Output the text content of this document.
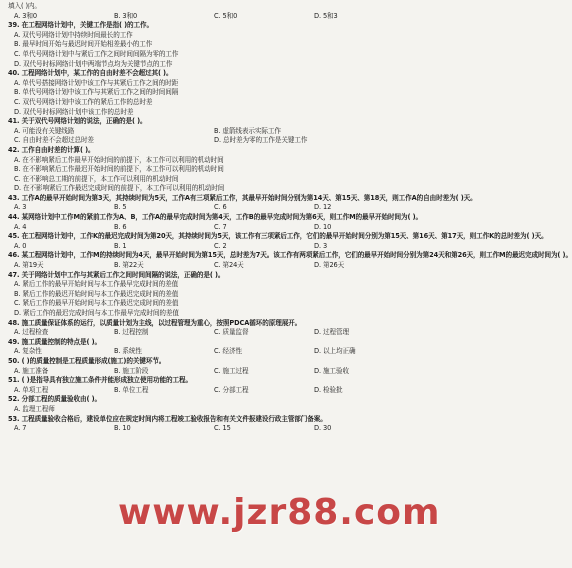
填入( )内。
A. 3和0	B. 3和0	C. 5和0	D. 5和3
39. 在工程网络计划中，关键工作是指( )的工作。
A. 双代号网络计划中持续时间最长的工作
B. 最早时间开始与最迟时间开始相差最小的工作
C. 单代号网络计划中与紧后工作之间时间间隔为零的工作
D. 双代号时标网络计划中两端节点均为关键节点的工作
40. 工程网络计划中，某工作的自由时差不会超过其( )。
A. 单代号搭接网络计划中该工作与其紧后工作之间的时距
B. 单代号网络计划中该工作与其紧后工作之间的时间间隔
C. 双代号网络计划中该工作的紧后工作的总时差
D. 双代号时标网络计划中该工作的总时差
41. 关于双代号网络计划的说法，正确的是( )。
A. 可能没有关键线路	B. 虚箭线表示实际工作
C. 自由时差不会超过总时差	D. 总时差为零的工作是关键工作
42. 工作自由时差的计算( )。
A. 在不影响紧后工作最早开始时间的前提下，本工作可以利用的机动时间
B. 在不影响紧后工作最迟开始时间的前提下，本工作可以利用的机动时间
C. 在不影响总工期的前提下，本工作可以利用的机动时间
D. 在不影响紧后工作最迟完成时间的前提下，本工作可以利用的机动时间
43. 工作A的最早开始时间为第3天，其持续时间为5天，工作A有三项紧后工作，其最早开始时间分别为第14天、第15天、第18天，则工作A的自由时差为( )天。
A. 3	B. 5	C. 6	D. 12
44. 某网络计划中工作M的紧前工作为A、B，工作A的最早完成时间为第4天，工作B的最早完成时间为第6天，则工作M的最早开始时间为( )。
A. 4	B. 6	C. 7	D. 10
45. 在工程网络计划中，工作K的最迟完成时间为第20天，其持续时间为5天，该工作有三项紧后工作，它们的最早开始时间分别为第15天、第16天、第17天，则工作K的总时差为( )天。
A. 0	B. 1	C. 2	D. 3
46. 某工程网络计划中，工作M的持续时间为4天，最早开始时间为第15天，总时差为7天。该工作有两项紧后工作，它们的最早开始时间分别为第24天和第26天，则工作M的最迟完成时间为( )。
A. 第19天	B. 第22天	C. 第24天	D. 第26天
47. 关于网络计划中工作与其紧后工作之间时间间隔的说法，正确的是( )。
A. 紧后工作的最早开始时间与本工作最早完成时间的差值
B. 紧后工作的最迟开始时间与本工作最迟完成时间的差值
C. 紧后工作的最早开始时间与本工作最迟完成时间的差值
D. 紧后工作的最迟完成时间与本工作最早完成时间的差值
48. 施工质量保证体系的运行，以质量计划为主线，以过程管理为重心，按照PDCA循环的原理展开。
A. 过程检查	B. 过程控制	C. 质量监督	D. 过程管理
49. 施工质量控制的特点是( )。
A. 复杂性	B. 系统性	C. 经济性	D. 以上均正确
50. ( )的质量控制是工程质量形成(施工)的关键环节。
A. 施工准备	B. 施工阶段	C. 施工过程	D. 施工验收
51. ( )是指导具有独立施工条件并能形成独立使用功能的工程。
A. 单项工程	B. 单位工程	C. 分部工程	D. 检验批
52. 分部工程的质量验收由( )。
A. 监理工程师
53. 工程质量验收合格后，建设单位应在规定时间内将工程竣工验收报告和有关文件报建设行政主管部门备案。
A. 7	B. 10	C. 15	D. 30
www.jzr88.com
